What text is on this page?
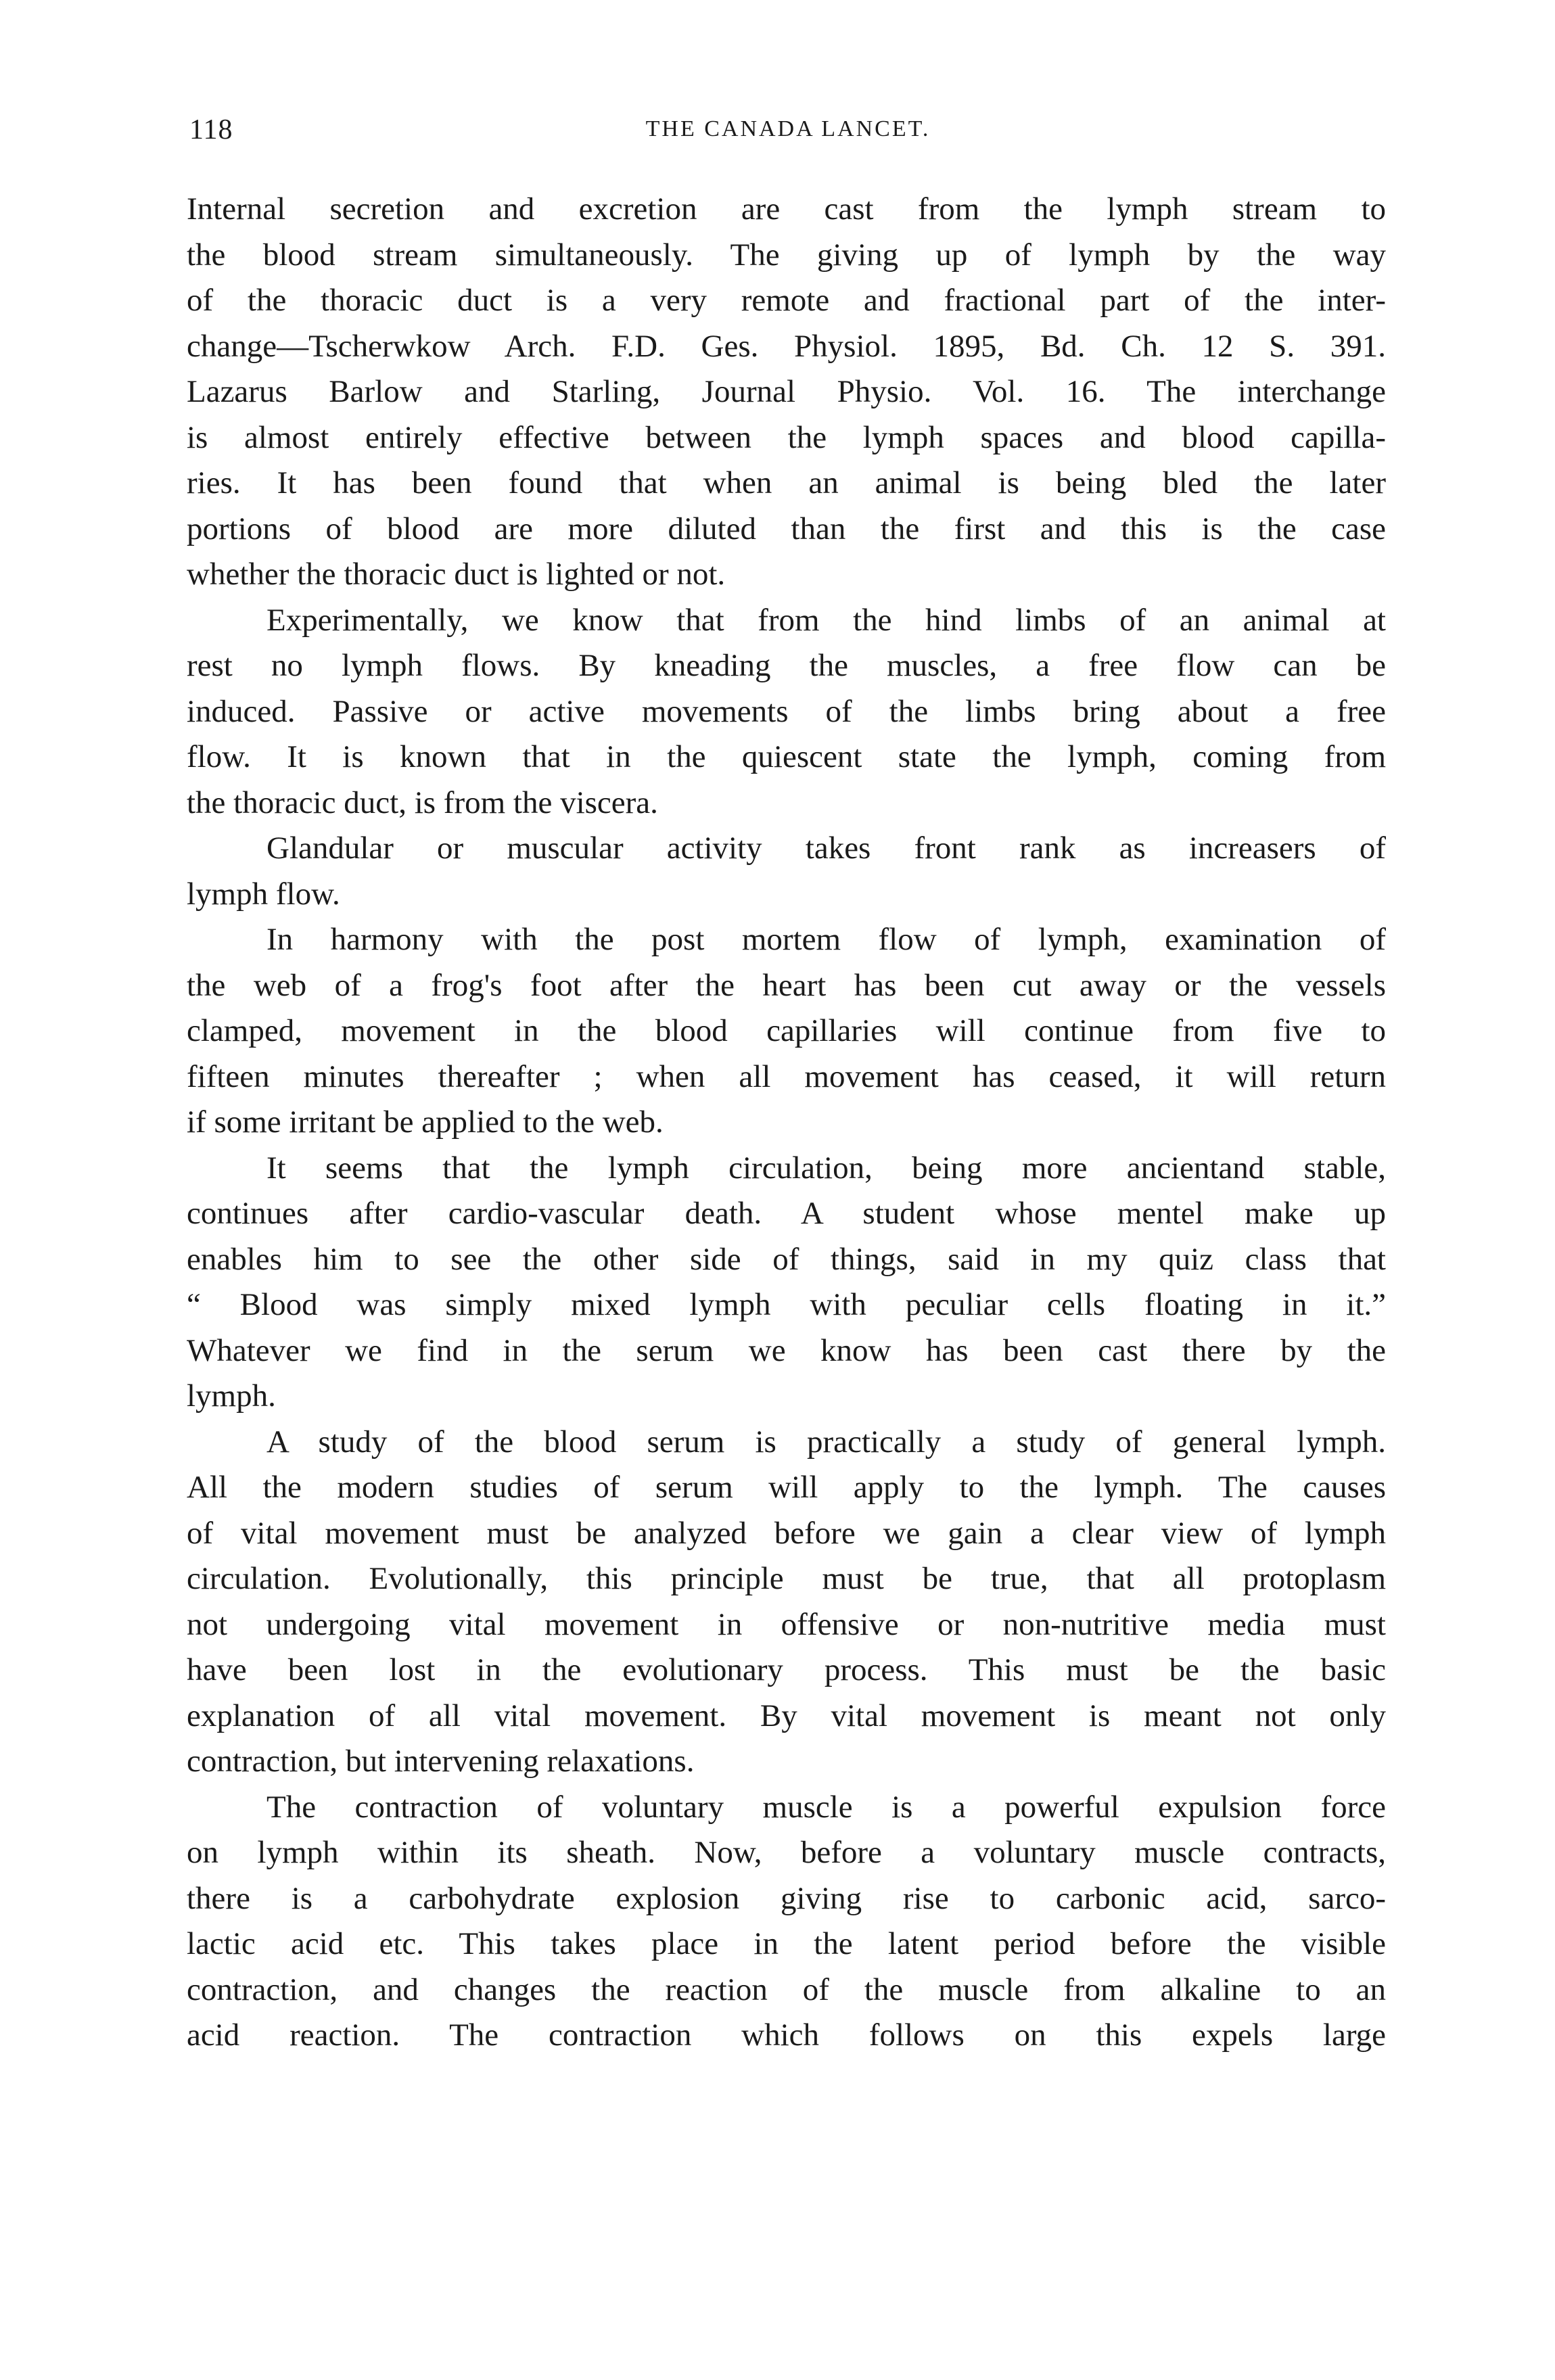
118	THE CANADA LANCET.
Internal secretion and excretion are cast from the lymph stream to
the blood stream simultaneously. The giving up of lymph by the way
of the thoracic duct is a very remote and fractional part of the inter-
change—Tscherwkow Arch. F.D. Ges. Physiol. 1895, Bd. Ch. 12 S. 391.
Lazarus Barlow and Starling, Journal Physio. Vol. 16. The interchange
is almost entirely effective between the lymph spaces and blood capilla-
ries. It has been found that when an animal is being bled the later
portions of blood are more diluted than the first and this is the case
whether the thoracic duct is lighted or not.
Experimentally, we know that from the hind limbs of an animal at
rest no lymph flows. By kneading the muscles, a free flow can be
induced. Passive or active movements of the limbs bring about a free
flow. It is known that in the quiescent state the lymph, coming from
the thoracic duct, is from the viscera.
Glandular or muscular activity takes front rank as increasers of
lymph flow.
In harmony with the post mortem flow of lymph, examination of
the web of a frog's foot after the heart has been cut away or the vessels
clamped, movement in the blood capillaries will continue from five to
fifteen minutes thereafter ; when all movement has ceased, it will return
if some irritant be applied to the web.
It seems that the lymph circulation, being more ancientand stable,
continues after cardio-vascular death. A student whose mentel make up
enables him to see the other side of things, said in my quiz class that
“ Blood was simply mixed lymph with peculiar cells floating in it.”
Whatever we find in the serum we know has been cast there by the
lymph.
A study of the blood serum is practically a study of general lymph.
All the modern studies of serum will apply to the lymph. The causes
of vital movement must be analyzed before we gain a clear view of lymph
circulation. Evolutionally, this principle must be true, that all protoplasm
not undergoing vital movement in offensive or non-nutritive media must
have been lost in the evolutionary process. This must be the basic
explanation of all vital movement. By vital movement is meant not only
contraction, but intervening relaxations.
The contraction of voluntary muscle is a powerful expulsion force
on lymph within its sheath. Now, before a voluntary muscle contracts,
there is a carbohydrate explosion giving rise to carbonic acid, sarco-
lactic acid etc. This takes place in the latent period before the visible
contraction, and changes the reaction of the muscle from alkaline to an
acid reaction. The contraction which follows on this expels large
